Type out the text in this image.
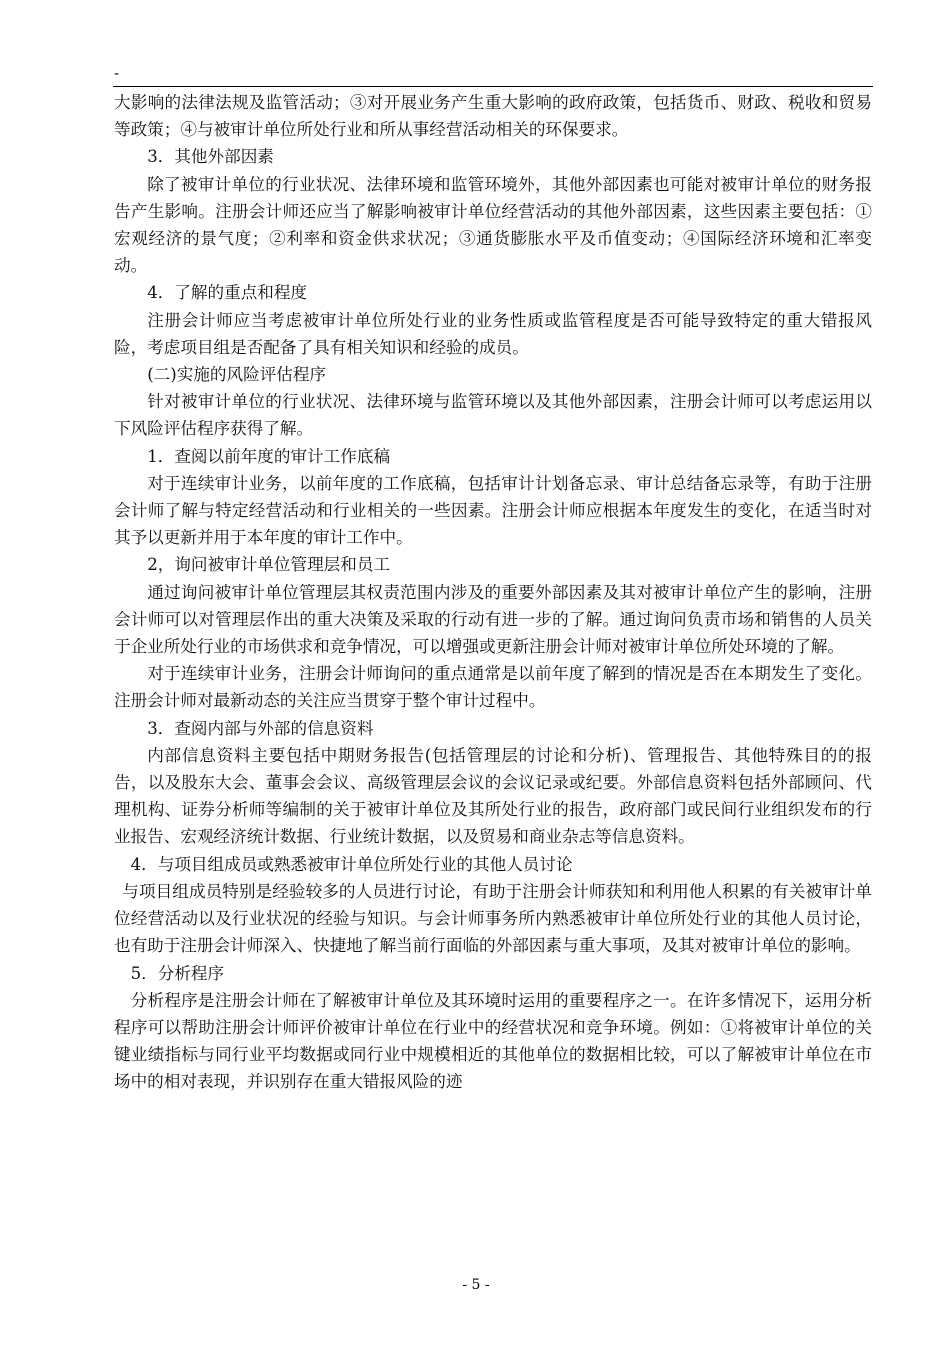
-

大影响的法律法规及监管活动；③对开展业务产生重大影响的政府政策，包括货币、财政、税收和贸易等政策；④与被审计单位所处行业和所从事经营活动相关的环保要求。

3．其他外部因素

除了被审计单位的行业状况、法律环境和监管环境外，其他外部因素也可能对被审计单位的财务报告产生影响。注册会计师还应当了解影响被审计单位经营活动的其他外部因素，这些因素主要包括：①宏观经济的景气度；②利率和资金供求状况；③通货膨胀水平及币值变动；④国际经济环境和汇率变动。

4．了解的重点和程度

注册会计师应当考虑被审计单位所处行业的业务性质或监管程度是否可能导致特定的重大错报风险，考虑项目组是否配备了具有相关知识和经验的成员。

(二)实施的风险评估程序

针对被审计单位的行业状况、法律环境与监管环境以及其他外部因素，注册会计师可以考虑运用以下风险评估程序获得了解。

1．查阅以前年度的审计工作底稿

对于连续审计业务，以前年度的工作底稿，包括审计计划备忘录、审计总结备忘录等，有助于注册会计师了解与特定经营活动和行业相关的一些因素。注册会计师应根据本年度发生的变化，在适当时对其予以更新并用于本年度的审计工作中。

2，询问被审计单位管理层和员工

通过询问被审计单位管理层其权责范围内涉及的重要外部因素及其对被审计单位产生的影响，注册会计师可以对管理层作出的重大决策及采取的行动有进一步的了解。通过询问负责市场和销售的人员关于企业所处行业的市场供求和竞争情况，可以增强或更新注册会计师对被审计单位所处环境的了解。

对于连续审计业务，注册会计师询问的重点通常是以前年度了解到的情况是否在本期发生了变化。注册会计师对最新动态的关注应当贯穿于整个审计过程中。

3．查阅内部与外部的信息资料

内部信息资料主要包括中期财务报告(包括管理层的讨论和分析)、管理报告、其他特殊目的的报告，以及股东大会、董事会会议、高级管理层会议的会议记录或纪要。外部信息资料包括外部顾问、代理机构、证券分析师等编制的关于被审计单位及其所处行业的报告，政府部门或民间行业组织发布的行业报告、宏观经济统计数据、行业统计数据，以及贸易和商业杂志等信息资料。

4．与项目组成员或熟悉被审计单位所处行业的其他人员讨论

与项目组成员特别是经验较多的人员进行讨论，有助于注册会计师获知和利用他人积累的有关被审计单位经营活动以及行业状况的经验与知识。与会计师事务所内熟悉被审计单位所处行业的其他人员讨论，也有助于注册会计师深入、快捷地了解当前行面临的外部因素与重大事项，及其对被审计单位的影响。

5．分析程序

分析程序是注册会计师在了解被审计单位及其环境时运用的重要程序之一。在许多情况下，运用分析程序可以帮助注册会计师评价被审计单位在行业中的经营状况和竞争环境。例如：①将被审计单位的关键业绩指标与同行业平均数据或同行业中规模相近的其他单位的数据相比较，可以了解被审计单位在市场中的相对表现，并识别存在重大错报风险的迹

- 5 -
